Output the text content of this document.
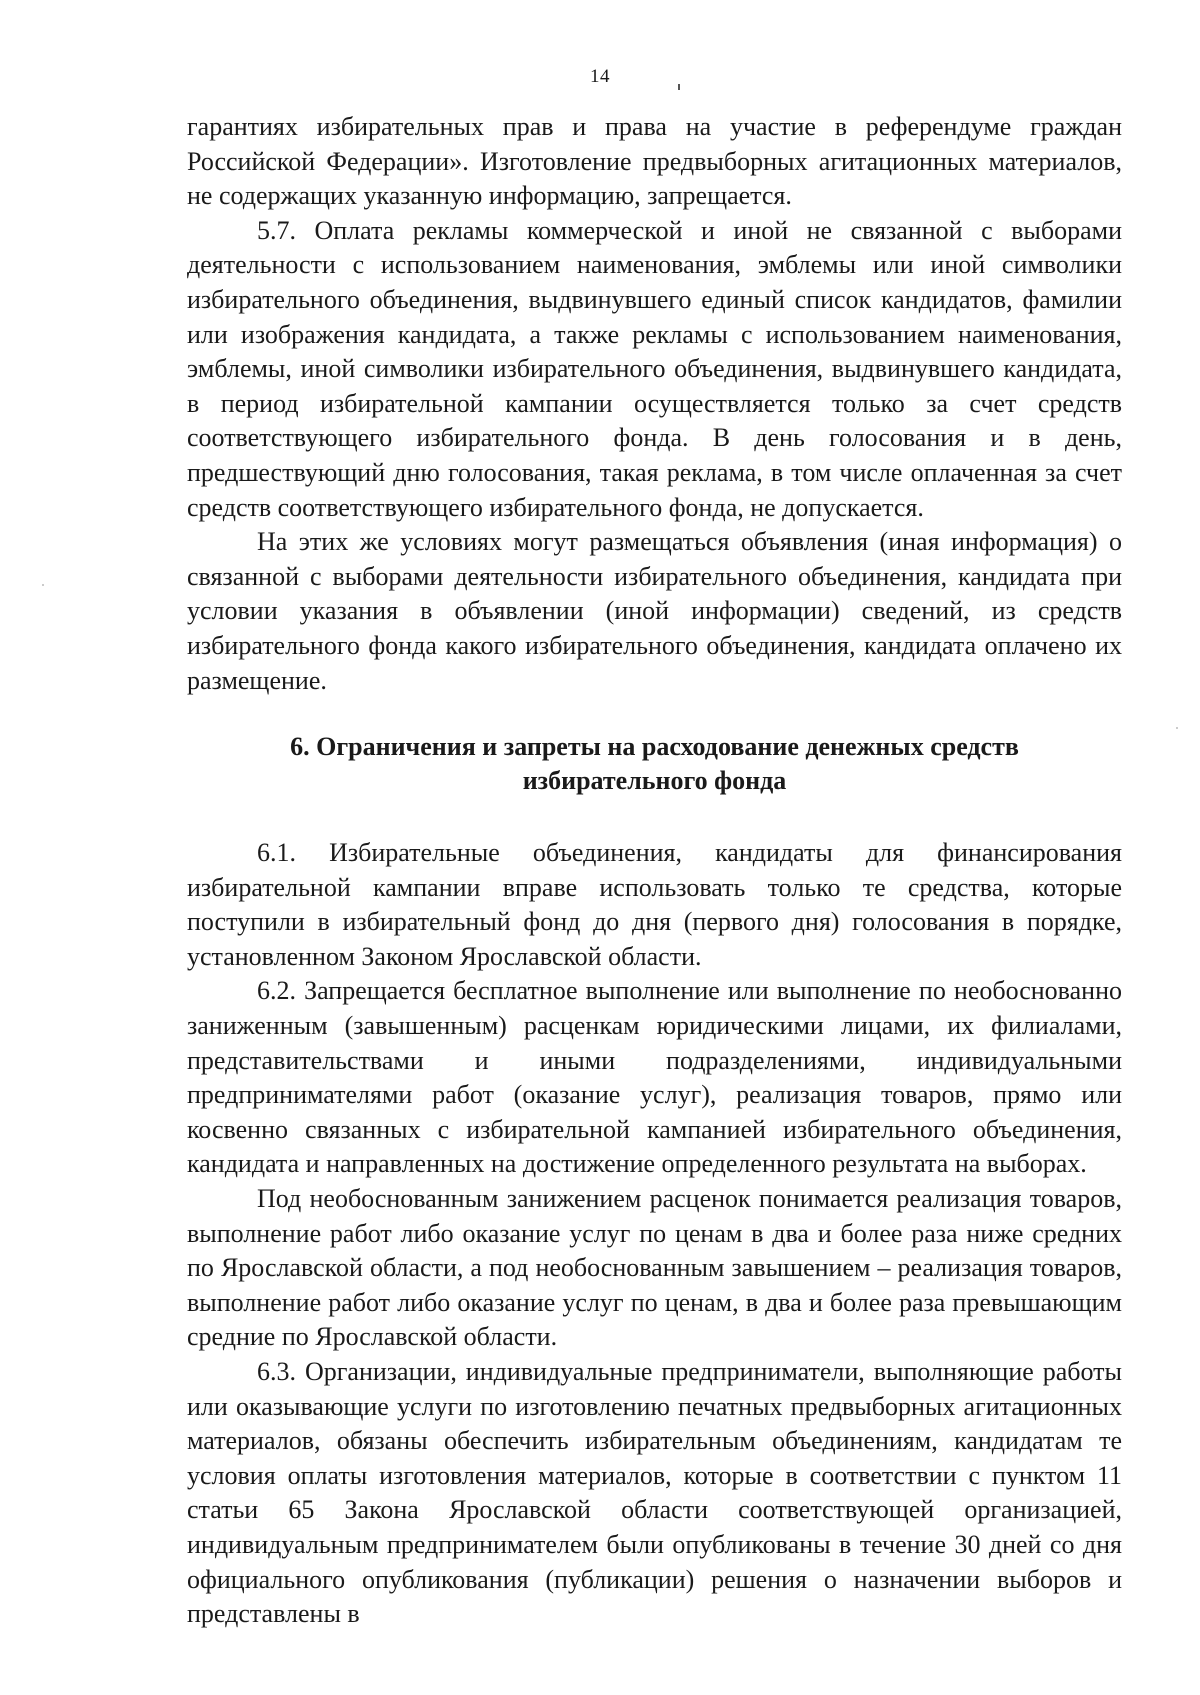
14

гарантиях избирательных прав и права на участие в референдуме граждан Российской Федерации». Изготовление предвыборных агитационных материалов, не содержащих указанную информацию, запрещается.

5.7. Оплата рекламы коммерческой и иной не связанной с выборами деятельности с использованием наименования, эмблемы или иной символики избирательного объединения, выдвинувшего единый список кандидатов, фамилии или изображения кандидата, а также рекламы с использованием наименования, эмблемы, иной символики избирательного объединения, выдвинувшего кандидата, в период избирательной кампании осуществляется только за счет средств соответствующего избирательного фонда. В день голосования и в день, предшествующий дню голосования, такая реклама, в том числе оплаченная за счет средств соответствующего избирательного фонда, не допускается.

На этих же условиях могут размещаться объявления (иная информация) о связанной с выборами деятельности избирательного объединения, кандидата при условии указания в объявлении (иной информации) сведений, из средств избирательного фонда какого избирательного объединения, кандидата оплачено их размещение.

6. Ограничения и запреты на расходование денежных средств

избирательного фонда

6.1. Избирательные объединения, кандидаты для финансирования избирательной кампании вправе использовать только те средства, которые поступили в избирательный фонд до дня (первого дня) голосования в порядке, установленном Законом Ярославской области.

6.2. Запрещается бесплатное выполнение или выполнение по необоснованно заниженным (завышенным) расценкам юридическими лицами, их филиалами, представительствами и иными подразделениями, индивидуальными предпринимателями работ (оказание услуг), реализация товаров, прямо или косвенно связанных с избирательной кампанией избирательного объединения, кандидата и направленных на достижение определенного результата на выборах.

Под необоснованным занижением расценок понимается реализация товаров, выполнение работ либо оказание услуг по ценам в два и более раза ниже средних по Ярославской области, а под необоснованным завышением – реализация товаров, выполнение работ либо оказание услуг по ценам, в два и более раза превышающим средние по Ярославской области.

6.3. Организации, индивидуальные предприниматели, выполняющие работы или оказывающие услуги по изготовлению печатных предвыборных агитационных материалов, обязаны обеспечить избирательным объединениям, кандидатам те условия оплаты изготовления материалов, которые в соответствии с пунктом 11 статьи 65 Закона Ярославской области соответствующей организацией, индивидуальным предпринимателем были опубликованы в течение 30 дней со дня официального опубликования (публикации) решения о назначении выборов и представлены в
